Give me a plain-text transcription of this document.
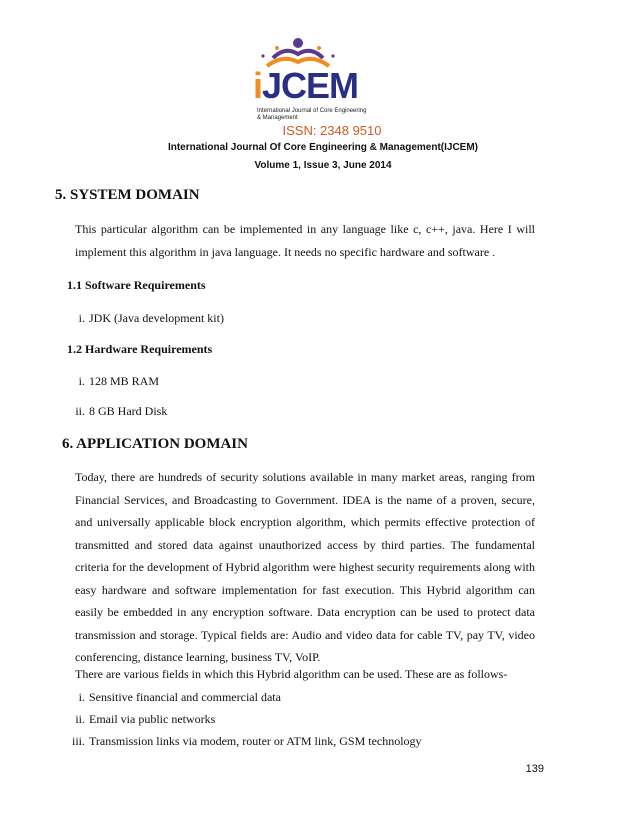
iJCEM
International Journal of Core Engineering & Management
ISSN: 2348 9510
International Journal Of Core Engineering & Management(IJCEM)
Volume 1, Issue 3, June 2014
5. SYSTEM DOMAIN
This particular algorithm can be implemented in any language like c, c++, java. Here I will implement this algorithm in java language. It needs no specific hardware and software .
1.1 Software Requirements
i. JDK (Java development kit)
1.2 Hardware Requirements
i. 128 MB RAM
ii. 8 GB Hard Disk
6. APPLICATION DOMAIN
Today, there are hundreds of security solutions available in many market areas, ranging from Financial Services, and Broadcasting to Government. IDEA is the name of a proven, secure, and universally applicable block encryption algorithm, which permits effective protection of transmitted and stored data against unauthorized access by third parties. The fundamental criteria for the development of Hybrid algorithm were highest security requirements along with easy hardware and software implementation for fast execution. This Hybrid algorithm can easily be embedded in any encryption software. Data encryption can be used to protect data transmission and storage. Typical fields are: Audio and video data for cable TV, pay TV, video conferencing, distance learning, business TV, VoIP.
There are various fields in which this Hybrid algorithm can be used. These are as follows-
i. Sensitive financial and commercial data
ii. Email via public networks
iii. Transmission links via modem, router or ATM link, GSM technology
139
